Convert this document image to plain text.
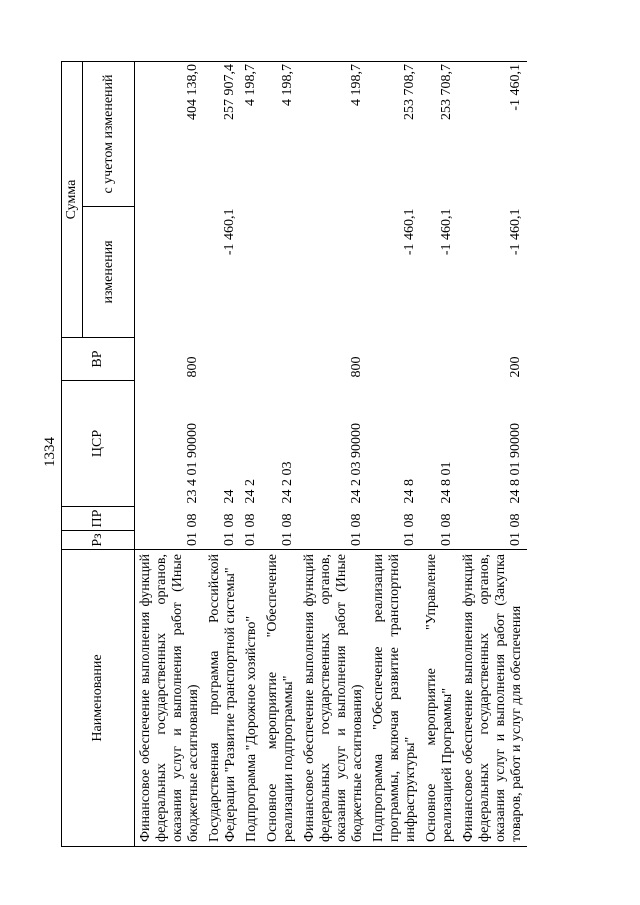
1334
Наименование	Рз	ПР	ЦСР	ВР	Сумма	
					изменения	с учетом изменений
Финансовое обеспечение выполнения функций федеральных государственных органов, оказания услуг и выполнения работ (Иные бюджетные ассигнования)	01	08	23 4 01 90000	800		404 138,0
Государственная программа Российской Федерации "Развитие транспортной системы"	01	08	24		-1 460,1	257 907,4
Подпрограмма "Дорожное хозяйство"	01	08	24 2			4 198,7
Основное мероприятие "Обеспечение реализации подпрограммы"	01	08	24 2 03			4 198,7
Финансовое обеспечение выполнения функций федеральных государственных органов, оказания услуг и выполнения работ (Иные бюджетные ассигнования)	01	08	24 2 03 90000	800		4 198,7
Подпрограмма "Обеспечение реализации программы, включая развитие транспортной инфраструктуры"	01	08	24 8		-1 460,1	253 708,7
Основное мероприятие "Управление реализацией Программы"	01	08	24 8 01		-1 460,1	253 708,7
Финансовое обеспечение выполнения функций федеральных государственных органов, оказания услуг и выполнения работ (Закупка товаров, работ и услуг для обеспечения	01	08	24 8 01 90000	200	-1 460,1	-1 460,1
